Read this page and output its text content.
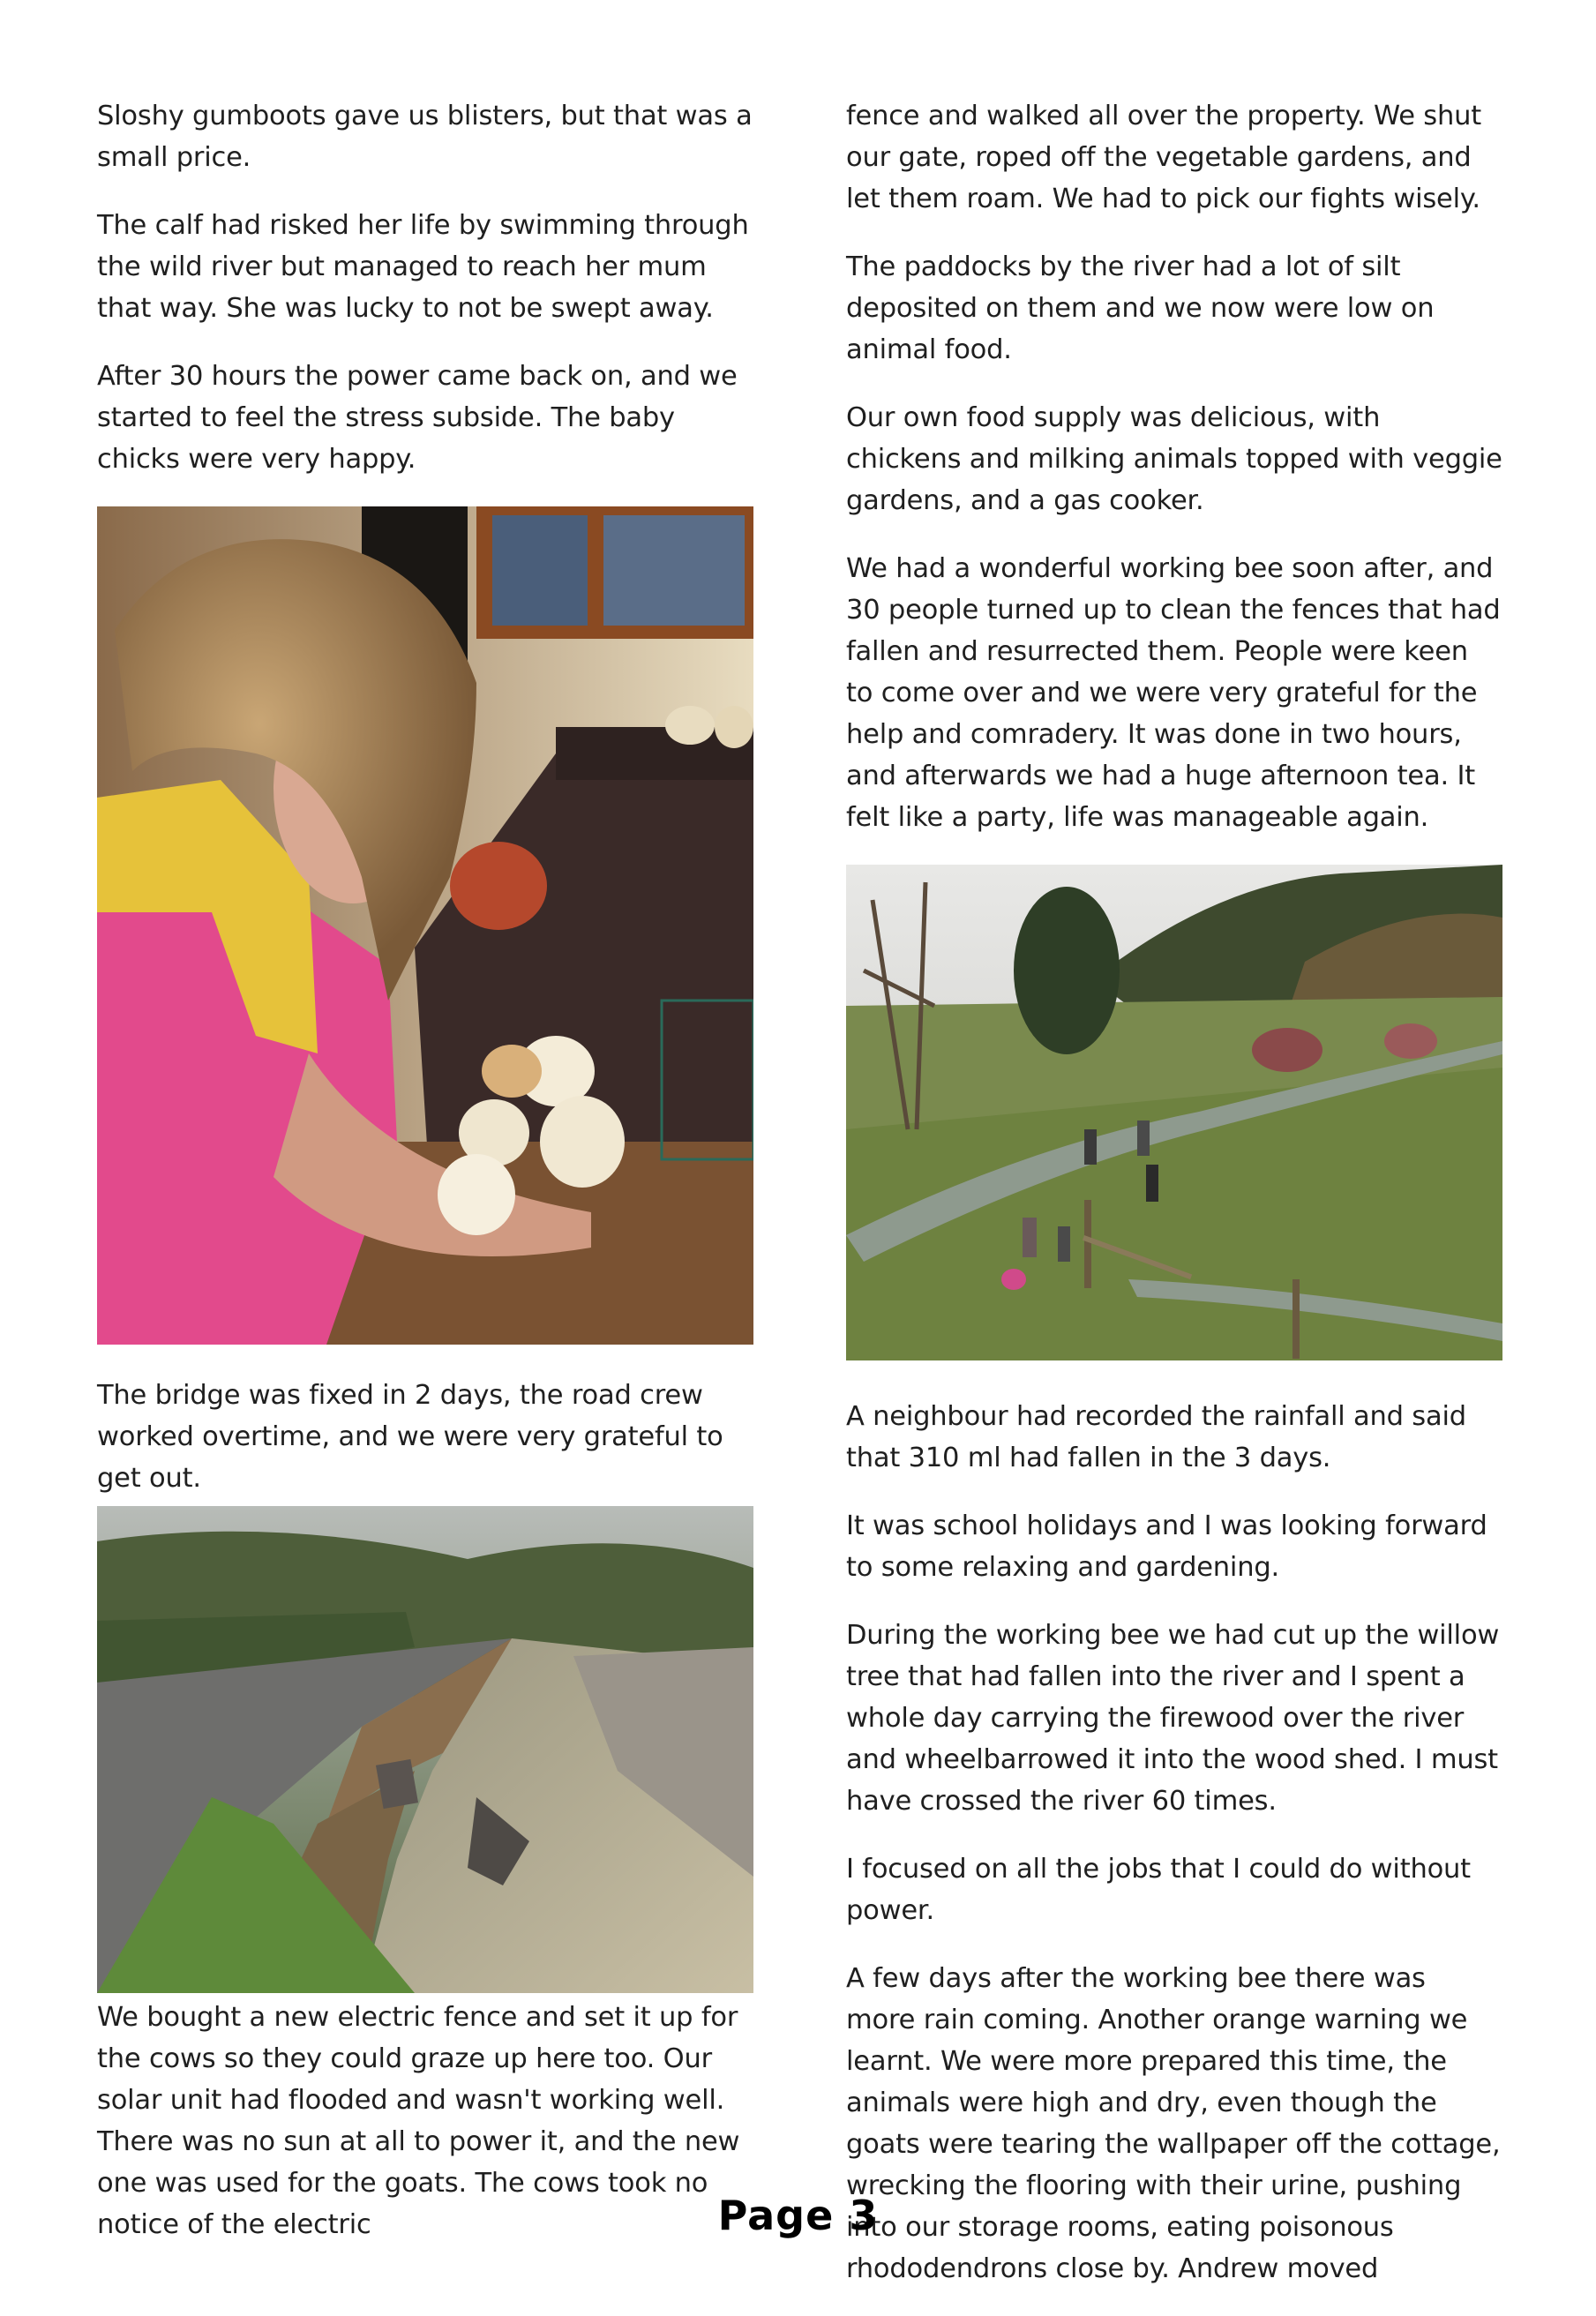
Sloshy gumboots gave us blisters, but that was a small price.

The calf had risked her life by swimming through the wild river but managed to reach her mum that way. She was lucky to not be swept away.

After 30 hours the power came back on, and we started to feel the stress subside. The baby chicks were very happy.

The bridge was fixed in 2 days, the road crew worked overtime, and we were very grateful to get out.

We bought a new electric fence and set it up for the cows so they could graze up here too. Our solar unit had flooded and wasn't working well. There was no sun at all to power it, and the new one was used for the goats. The cows took no notice of the electric

fence and walked all over the property. We shut our gate, roped off the vegetable gardens, and let them roam. We had to pick our fights wisely.

The paddocks by the river had a lot of silt deposited on them and we now were low on animal food.

Our own food supply was delicious, with chickens and milking animals topped with veggie gardens, and a gas cooker.

We had a wonderful working bee soon after, and 30 people turned up to clean the fences that had fallen and resurrected them. People were keen to come over and we were very grateful for the help and comradery. It was done in two hours, and afterwards we had a huge afternoon tea. It felt like a party, life was manageable again.

A neighbour had recorded the rainfall and said that 310 ml had fallen in the 3 days.

It was school holidays and I was looking forward to some relaxing and gardening.

During the working bee we had cut up the willow tree that had fallen into the river and I spent a whole day carrying the firewood over the river and wheelbarrowed it into the wood shed. I must have crossed the river 60 times.

I focused on all the jobs that I could do without power.

A few days after the working bee there was more rain coming. Another orange warning we learnt. We were more prepared this time, the animals were high and dry, even though the goats were tearing the wallpaper off the cottage, wrecking the flooring with their urine, pushing into our storage rooms, eating poisonous rhododendrons close by. Andrew moved

Page 3
